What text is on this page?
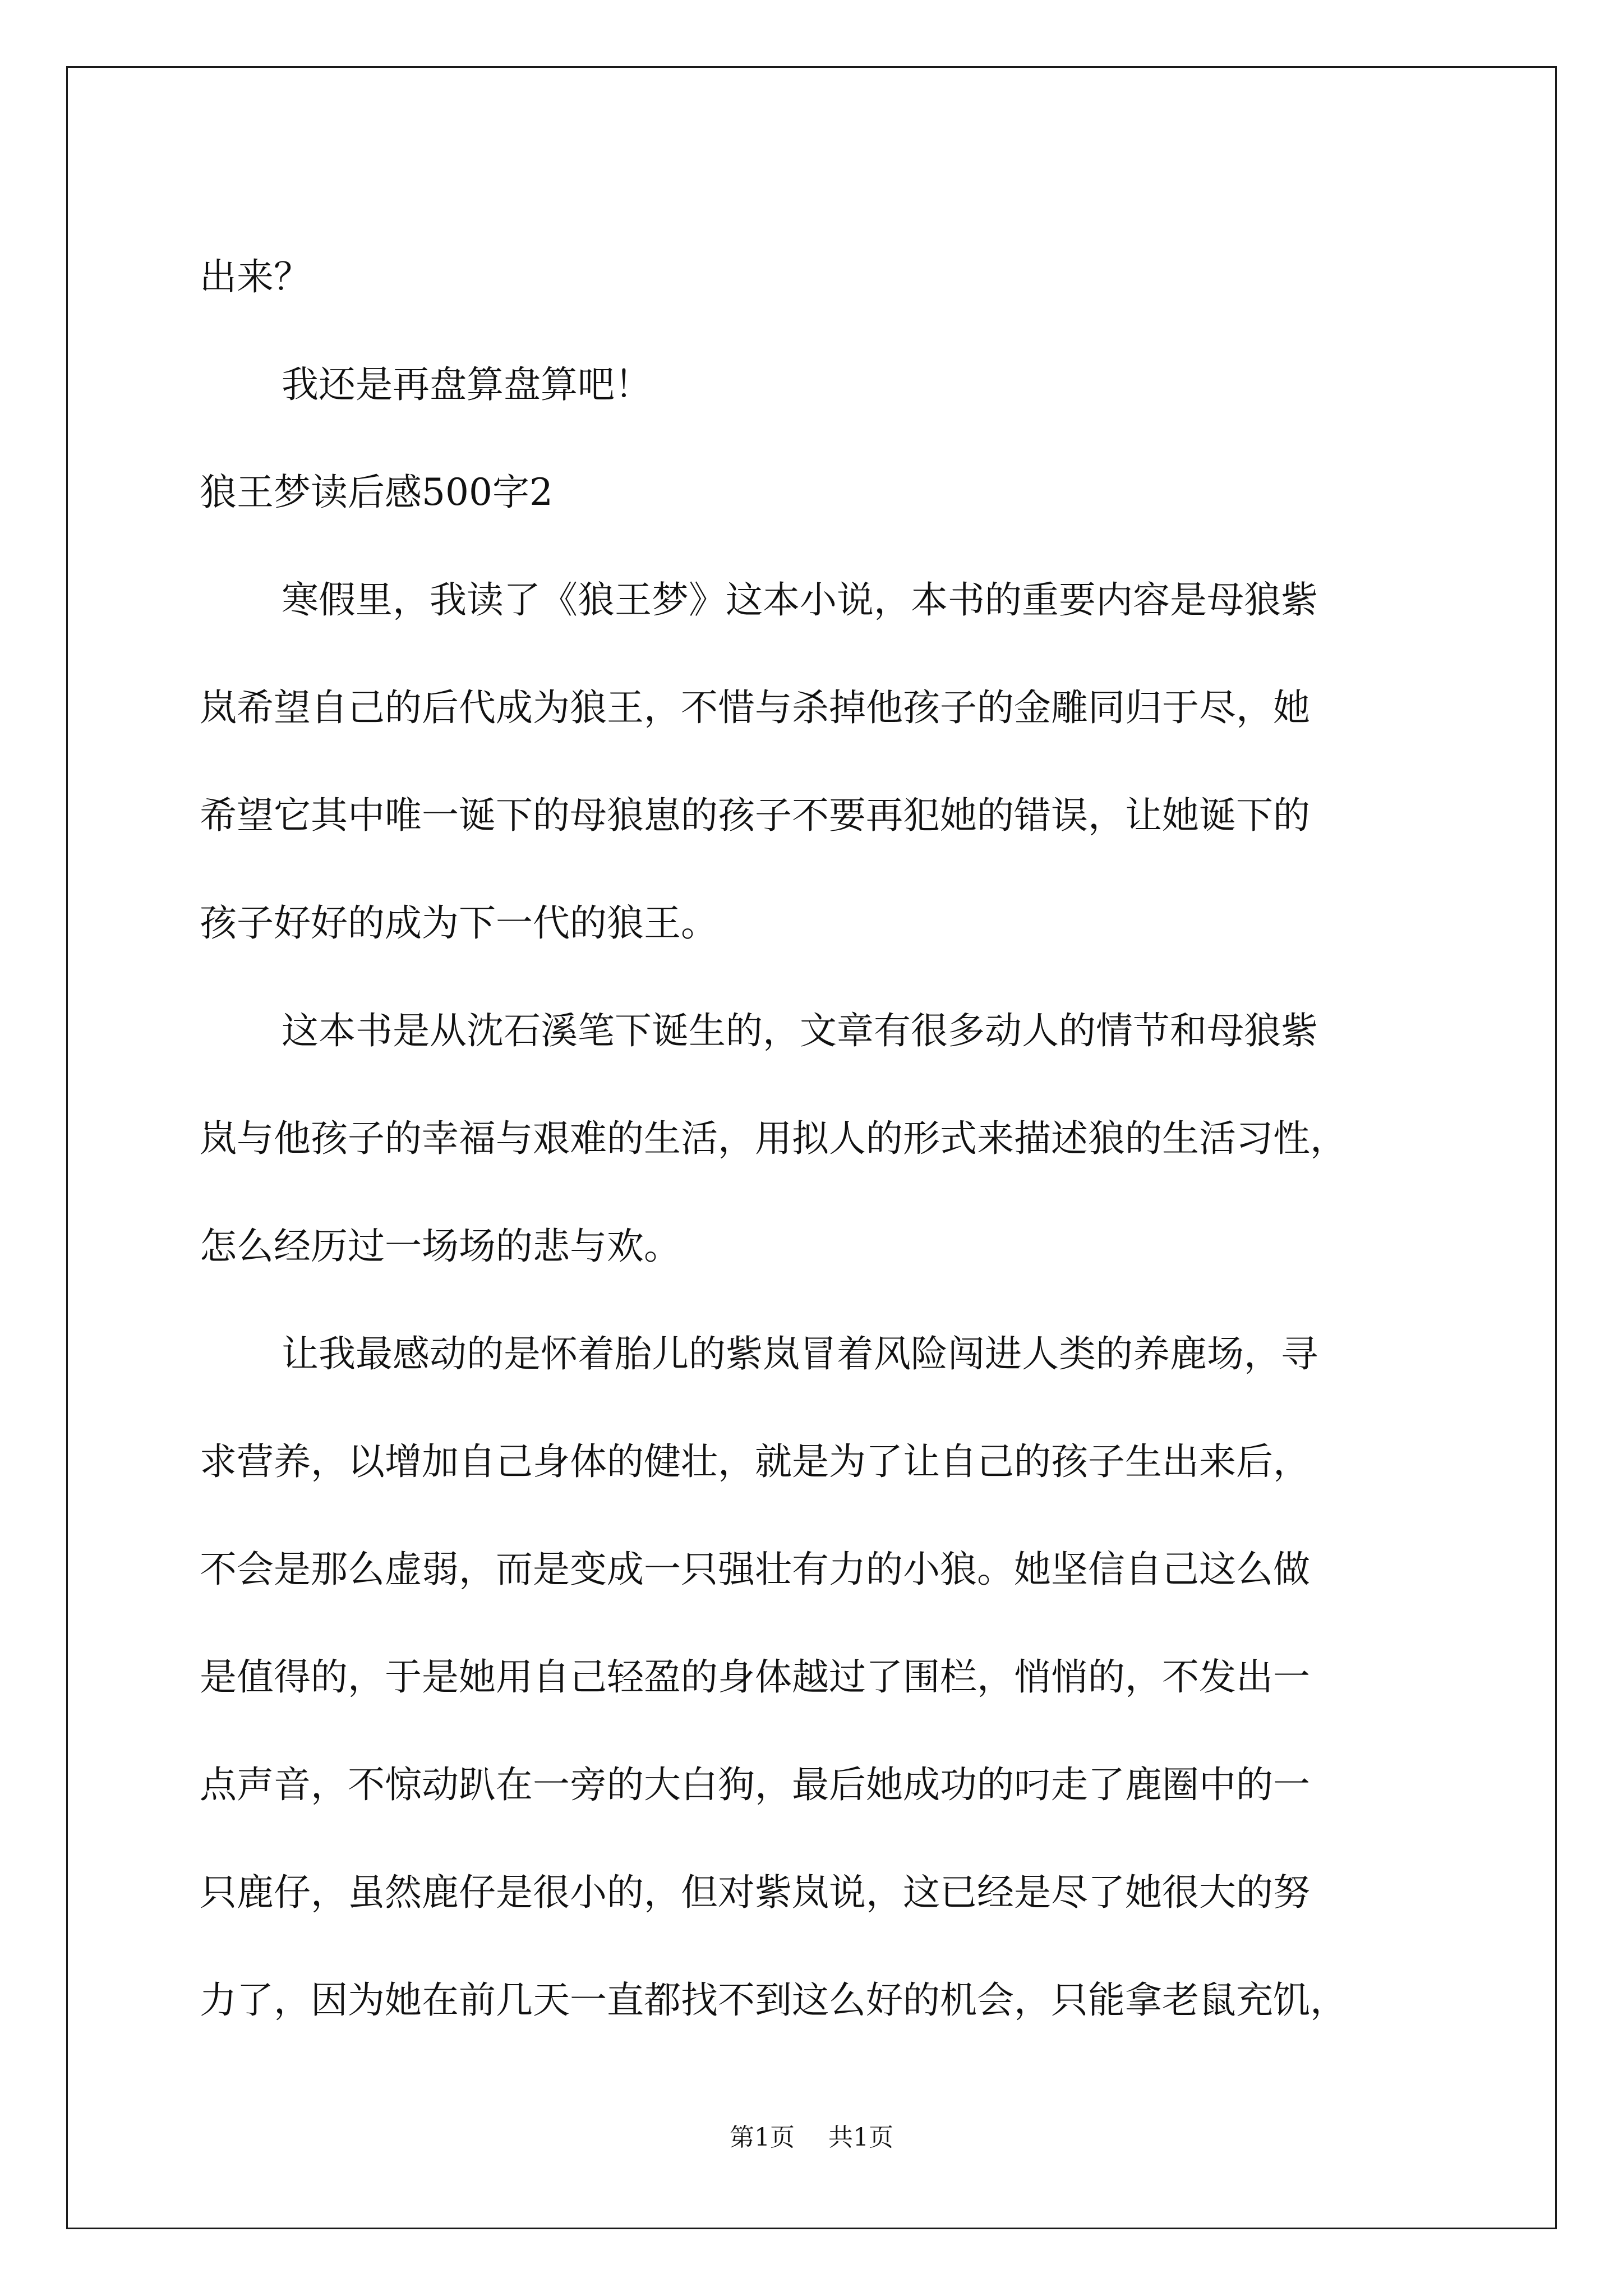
出来？
我还是再盘算盘算吧！
狼王梦读后感500字2
寒假里，我读了《狼王梦》这本小说，本书的重要内容是母狼紫
岚希望自己的后代成为狼王，不惜与杀掉他孩子的金雕同归于尽，她
希望它其中唯一诞下的母狼崽的孩子不要再犯她的错误，让她诞下的
孩子好好的成为下一代的狼王。
这本书是从沈石溪笔下诞生的，文章有很多动人的情节和母狼紫
岚与他孩子的幸福与艰难的生活，用拟人的形式来描述狼的生活习性，
怎么经历过一场场的悲与欢。
让我最感动的是怀着胎儿的紫岚冒着风险闯进人类的养鹿场，寻
求营养，以增加自己身体的健壮，就是为了让自己的孩子生出来后，
不会是那么虚弱，而是变成一只强壮有力的小狼。她坚信自己这么做
是值得的，于是她用自己轻盈的身体越过了围栏，悄悄的，不发出一
点声音，不惊动趴在一旁的大白狗，最后她成功的叼走了鹿圈中的一
只鹿仔，虽然鹿仔是很小的，但对紫岚说，这已经是尽了她很大的努
力了，因为她在前几天一直都找不到这么好的机会，只能拿老鼠充饥，
第1页 共1页
